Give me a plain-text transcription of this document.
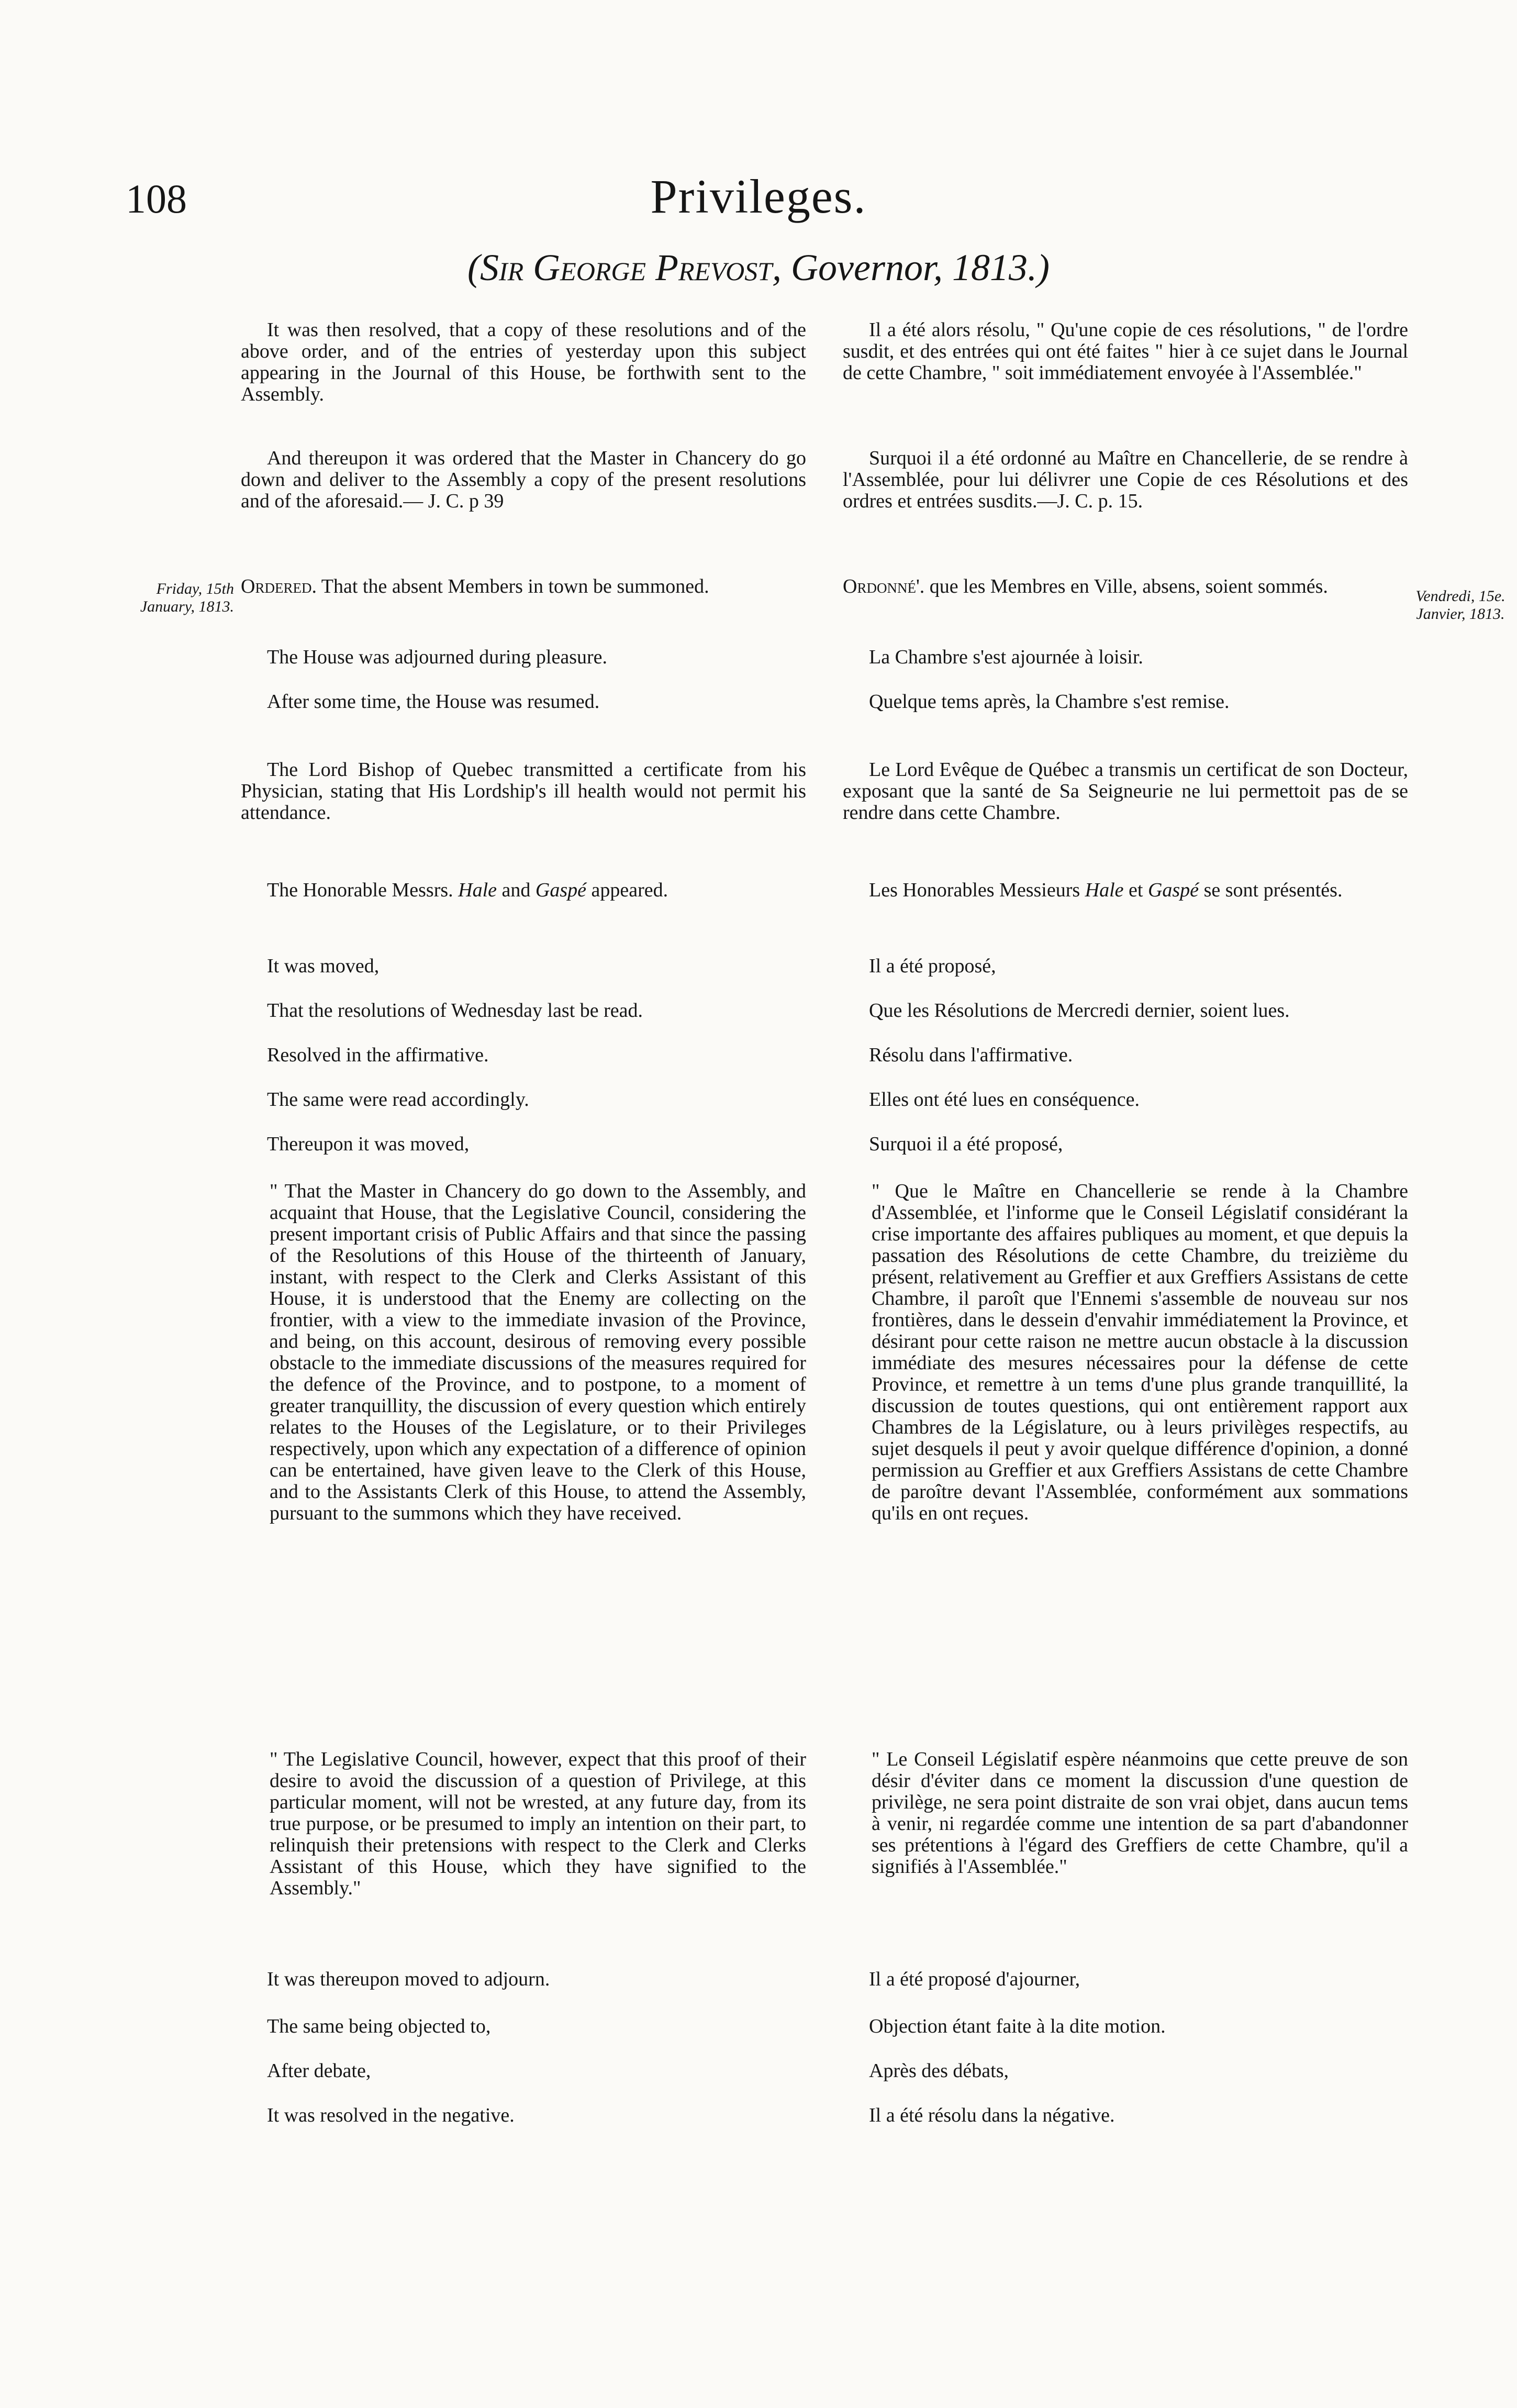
108	Privileges.
(Sir George Prevost, Governor, 1813.)
Friday, 15th January, 1813.
Vendredi, 15e. Janvier, 1813.

It was then resolved, that a copy of these resolutions and of the above order, and of the entries of yesterday upon this subject appearing in the Journal of this House, be forthwith sent to the Assembly.

And thereupon it was ordered that the Master in Chancery do go down and deliver to the Assembly a copy of the present resolutions and of the aforesaid.— J. C. p 39

Ordered. That the absent Members in town be summoned.

The House was adjourned during pleasure.

After some time, the House was resumed.

The Lord Bishop of Quebec transmitted a certificate from his Physician, stating that His Lordship's ill health would not permit his attendance.

The Honorable Messrs. Hale and Gaspé appeared.

It was moved,

That the resolutions of Wednesday last be read.

Resolved in the affirmative.

The same were read accordingly.

Thereupon it was moved,

" That the Master in Chancery do go down to the Assembly, and acquaint that House, that the Legislative Council, considering the present important crisis of Public Affairs and that since the passing of the Resolutions of this House of the thirteenth of January, instant, with respect to the Clerk and Clerks Assistant of this House, it is understood that the Enemy are collecting on the frontier, with a view to the immediate invasion of the Province, and being, on this account, desirous of removing every possible obstacle to the immediate discussions of the measures required for the defence of the Province, and to postpone, to a moment of greater tranquillity, the discussion of every question which entirely relates to the Houses of the Legislature, or to their Privileges respectively, upon which any expectation of a difference of opinion can be entertained, have given leave to the Clerk of this House, and to the Assistants Clerk of this House, to attend the Assembly, pursuant to the summons which they have received.

" The Legislative Council, however, expect that this proof of their desire to avoid the discussion of a question of Privilege, at this particular moment, will not be wrested, at any future day, from its true purpose, or be presumed to imply an intention on their part, to relinquish their pretensions with respect to the Clerk and Clerks Assistant of this House, which they have signified to the Assembly."

It was thereupon moved to adjourn.

The same being objected to,

After debate,

It was resolved in the negative.

Il a été alors résolu, " Qu'une copie de ces résolutions, " de l'ordre susdit, et des entrées qui ont été faites " hier à ce sujet dans le Journal de cette Chambre, " soit immédiatement envoyée à l'Assemblée."

Surquoi il a été ordonné au Maître en Chancellerie, de se rendre à l'Assemblée, pour lui délivrer une Copie de ces Résolutions et des ordres et entrées susdits.—J. C. p. 15.

Ordonné'. que les Membres en Ville, absens, soient sommés.

La Chambre s'est ajournée à loisir.

Quelque tems après, la Chambre s'est remise.

Le Lord Evêque de Québec a transmis un certificat de son Docteur, exposant que la santé de Sa Seigneurie ne lui permettoit pas de se rendre dans cette Chambre.

Les Honorables Messieurs Hale et Gaspé se sont présentés.

Il a été proposé,

Que les Résolutions de Mercredi dernier, soient lues.

Résolu dans l'affirmative.

Elles ont été lues en conséquence.

Surquoi il a été proposé,

" Que le Maître en Chancellerie se rende à la Chambre d'Assemblée, et l'informe que le Conseil Législatif considérant la crise importante des affaires publiques au moment, et que depuis la passation des Résolutions de cette Chambre, du treizième du présent, relativement au Greffier et aux Greffiers Assistans de cette Chambre, il paroît que l'Ennemi s'assemble de nouveau sur nos frontières, dans le dessein d'envahir immédiatement la Province, et désirant pour cette raison ne mettre aucun obstacle à la discussion immédiate des mesures nécessaires pour la défense de cette Province, et remettre à un tems d'une plus grande tranquillité, la discussion de toutes questions, qui ont entièrement rapport aux Chambres de la Législature, ou à leurs privilèges respectifs, au sujet desquels il peut y avoir quelque différence d'opinion, a donné permission au Greffier et aux Greffiers Assistans de cette Chambre de paroître devant l'Assemblée, conformément aux sommations qu'ils en ont reçues.

" Le Conseil Législatif espère néanmoins que cette preuve de son désir d'éviter dans ce moment la discussion d'une question de privilège, ne sera point distraite de son vrai objet, dans aucun tems à venir, ni regardée comme une intention de sa part d'abandonner ses prétentions à l'égard des Greffiers de cette Chambre, qu'il a signifiés à l'Assemblée."

Il a été proposé d'ajourner,

Objection étant faite à la dite motion.

Après des débats,

Il a été résolu dans la négative.
